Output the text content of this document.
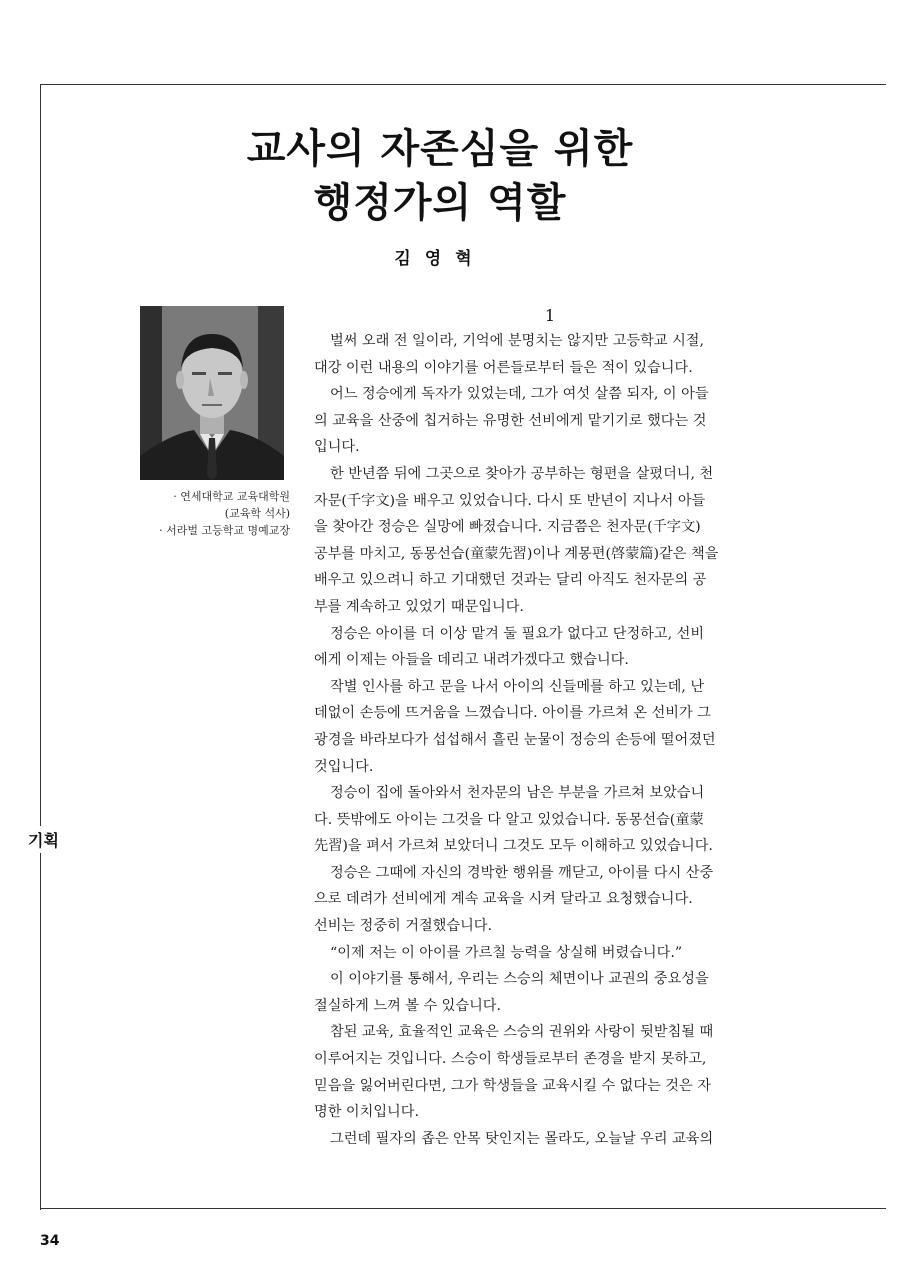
교사의 자존심을 위한
행정가의 역할
김영혁
· 연세대학교 교육대학원
(교육학 석사)
· 서라벌 고등학교 명예교장
1
벌써 오래 전 일이라, 기억에 분명치는 않지만 고등학교 시절,
대강 이런 내용의 이야기를 어른들로부터 들은 적이 있습니다.
어느 정승에게 독자가 있었는데, 그가 여섯 살쯤 되자, 이 아들
의 교육을 산중에 칩거하는 유명한 선비에게 맡기기로 했다는 것
입니다.
한 반년쯤 뒤에 그곳으로 찾아가 공부하는 형편을 살폈더니, 천
자문(千字文)을 배우고 있었습니다. 다시 또 반년이 지나서 아들
을 찾아간 정승은 실망에 빠졌습니다. 지금쯤은 천자문(千字文)
공부를 마치고, 동몽선습(童蒙先習)이나 계몽편(啓蒙篇)같은 책을
배우고 있으려니 하고 기대했던 것과는 달리 아직도 천자문의 공
부를 계속하고 있었기 때문입니다.
정승은 아이를 더 이상 맡겨 둘 필요가 없다고 단정하고, 선비
에게 이제는 아들을 데리고 내려가겠다고 했습니다.
작별 인사를 하고 문을 나서 아이의 신들메를 하고 있는데, 난
데없이 손등에 뜨거움을 느꼈습니다. 아이를 가르쳐 온 선비가 그
광경을 바라보다가 섭섭해서 흘린 눈물이 정승의 손등에 떨어졌던
것입니다.
정승이 집에 돌아와서 천자문의 남은 부분을 가르쳐 보았습니
다. 뜻밖에도 아이는 그것을 다 알고 있었습니다. 동몽선습(童蒙
先習)을 펴서 가르쳐 보았더니 그것도 모두 이해하고 있었습니다.
정승은 그때에 자신의 경박한 행위를 깨닫고, 아이를 다시 산중
으로 데려가 선비에게 계속 교육을 시켜 달라고 요청했습니다.
선비는 정중히 거절했습니다.
“이제 저는 이 아이를 가르칠 능력을 상실해 버렸습니다.”
이 이야기를 통해서, 우리는 스승의 체면이나 교권의 중요성을
절실하게 느껴 볼 수 있습니다.
참된 교육, 효율적인 교육은 스승의 권위와 사랑이 뒷받침될 때
이루어지는 것입니다. 스승이 학생들로부터 존경을 받지 못하고,
믿음을 잃어버린다면, 그가 학생들을 교육시킬 수 없다는 것은 자
명한 이치입니다.
그런데 필자의 좁은 안목 탓인지는 몰라도, 오늘날 우리 교육의
기획
34
